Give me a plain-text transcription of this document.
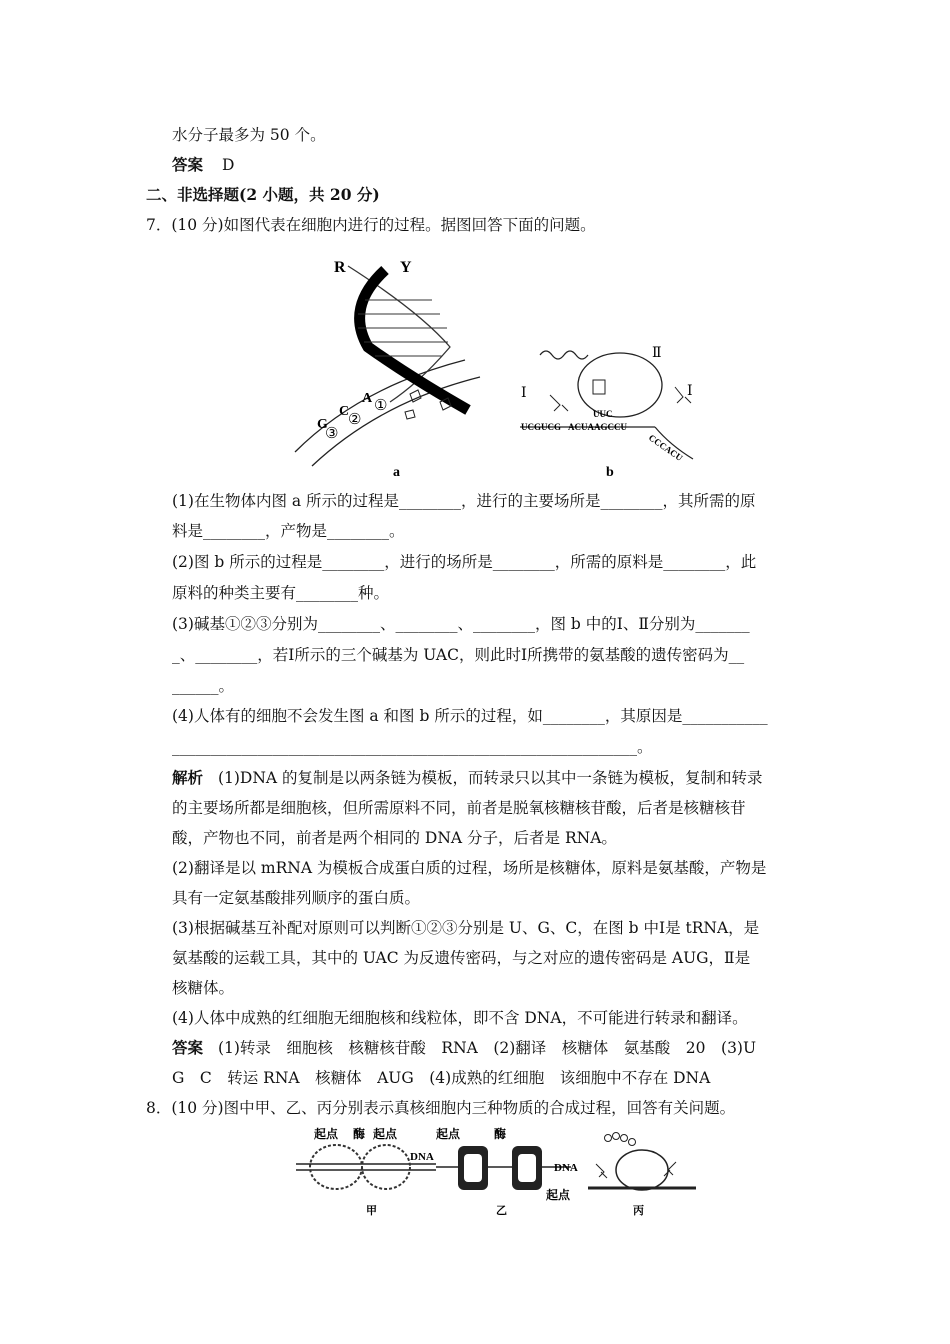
水分子最多为 50 个。
答案 D
二、非选择题(2 小题，共 20 分)
7．(10 分)如图代表在细胞内进行的过程。据图回答下面的问题。
R	Y
A
C
G
①
②
③
a
Ⅱ
Ⅰ	Ⅰ
UUC
UCGUCG ACUAAGCCU
CCCACU
b
(1)在生物体内图 a 所示的过程是________，进行的主要场所是________，其所需的原
料是________，产物是________。
(2)图 b 所示的过程是________，进行的场所是________，所需的原料是________，此
原料的种类主要有________种。
(3)碱基①②③分别为________、________、________，图 b 中的Ⅰ、Ⅱ分别为_______
_、________，若Ⅰ所示的三个碱基为 UAC，则此时Ⅰ所携带的氨基酸的遗传密码为__
______。
(4)人体有的细胞不会发生图 a 和图 b 所示的过程，如________，其原因是___________
____________________________________________________________。
解析 (1)DNA 的复制是以两条链为模板，而转录只以其中一条链为模板，复制和转录
的主要场所都是细胞核，但所需原料不同，前者是脱氧核糖核苷酸，后者是核糖核苷
酸，产物也不同，前者是两个相同的 DNA 分子，后者是 RNA。
(2)翻译是以 mRNA 为模板合成蛋白质的过程，场所是核糖体，原料是氨基酸，产物是
具有一定氨基酸排列顺序的蛋白质。
(3)根据碱基互补配对原则可以判断①②③分别是 U、G、C，在图 b 中Ⅰ是 tRNA，是
氨基酸的运载工具，其中的 UAC 为反遗传密码，与之对应的遗传密码是 AUG，Ⅱ是
核糖体。
(4)人体中成熟的红细胞无细胞核和线粒体，即不含 DNA，不可能进行转录和翻译。
答案 (1)转录　细胞核　核糖核苷酸　RNA　(2)翻译　核糖体　氨基酸　20　(3)U
G　C　转运 RNA　核糖体　AUG　(4)成熟的红细胞　该细胞中不存在 DNA
8．(10 分)图中甲、乙、丙分别表示真核细胞内三种物质的合成过程，回答有关问题。
起点 酶 起点
DNA
甲
起点	酶
DNA
起点
乙	丙
